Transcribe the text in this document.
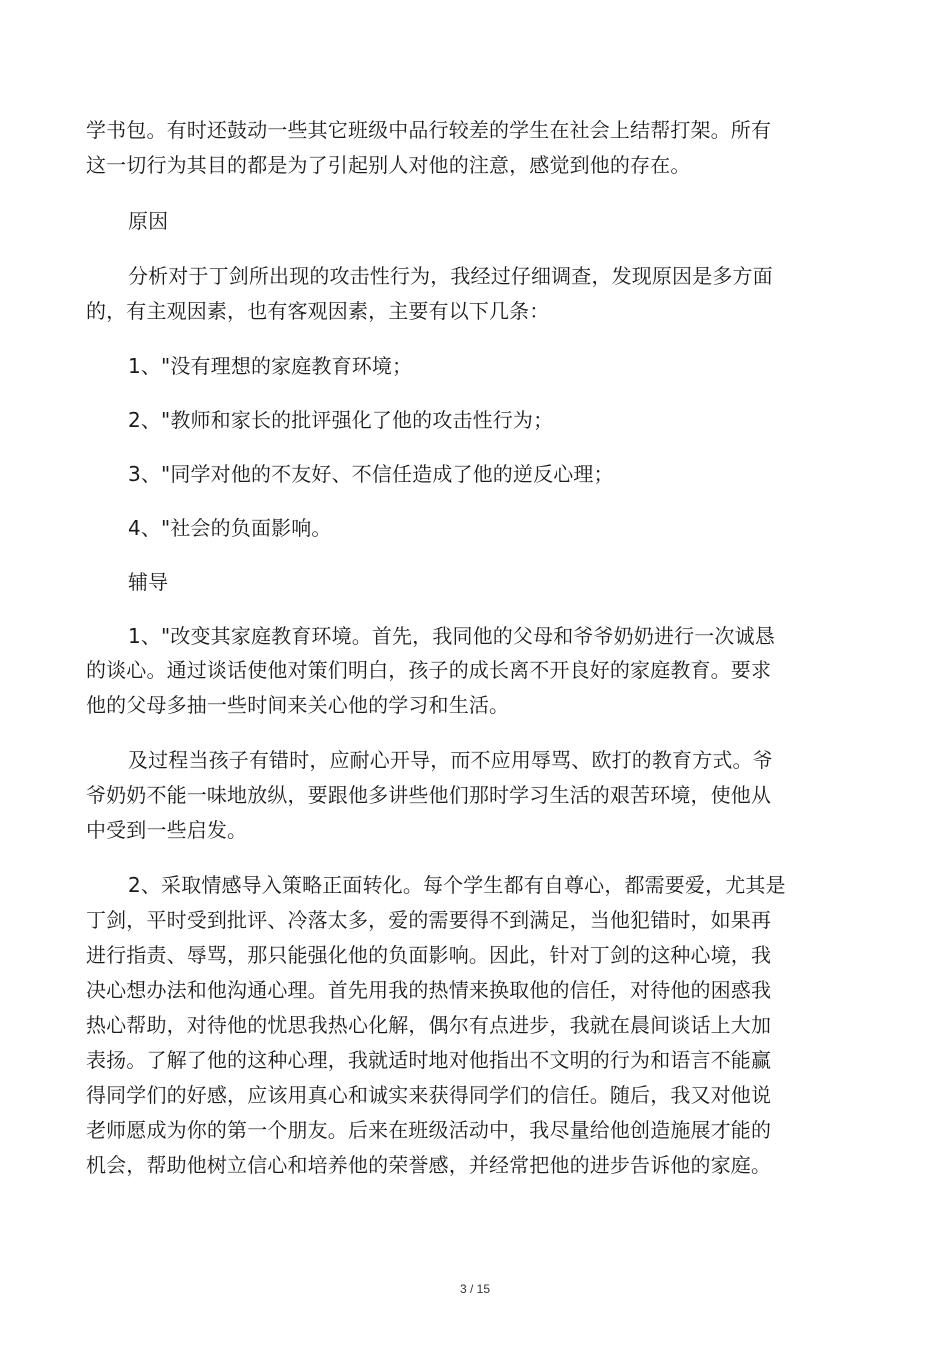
学书包。有时还鼓动一些其它班级中品行较差的学生在社会上结帮打架。所有
这一切行为其目的都是为了引起别人对他的注意，感觉到他的存在。
原因
分析对于丁剑所出现的攻击性行为，我经过仔细调查，发现原因是多方面
的，有主观因素，也有客观因素，主要有以下几条：
1、"没有理想的家庭教育环境；
2、"教师和家长的批评强化了他的攻击性行为；
3、"同学对他的不友好、不信任造成了他的逆反心理；
4、"社会的负面影响。
辅导
1、"改变其家庭教育环境。首先，我同他的父母和爷爷奶奶进行一次诚恳
的谈心。通过谈话使他对策们明白，孩子的成长离不开良好的家庭教育。要求
他的父母多抽一些时间来关心他的学习和生活。
及过程当孩子有错时，应耐心开导，而不应用辱骂、欧打的教育方式。爷
爷奶奶不能一味地放纵，要跟他多讲些他们那时学习生活的艰苦环境，使他从
中受到一些启发。
2、采取情感导入策略正面转化。每个学生都有自尊心，都需要爱，尤其是
丁剑，平时受到批评、冷落太多，爱的需要得不到满足，当他犯错时，如果再
进行指责、辱骂，那只能强化他的负面影响。因此，针对丁剑的这种心境，我
决心想办法和他沟通心理。首先用我的热情来换取他的信任，对待他的困惑我
热心帮助，对待他的忧思我热心化解，偶尔有点进步，我就在晨间谈话上大加
表扬。了解了他的这种心理，我就适时地对他指出不文明的行为和语言不能赢
得同学们的好感，应该用真心和诚实来获得同学们的信任。随后，我又对他说
老师愿成为你的第一个朋友。后来在班级活动中，我尽量给他创造施展才能的
机会，帮助他树立信心和培养他的荣誉感，并经常把他的进步告诉他的家庭。
3 / 15
